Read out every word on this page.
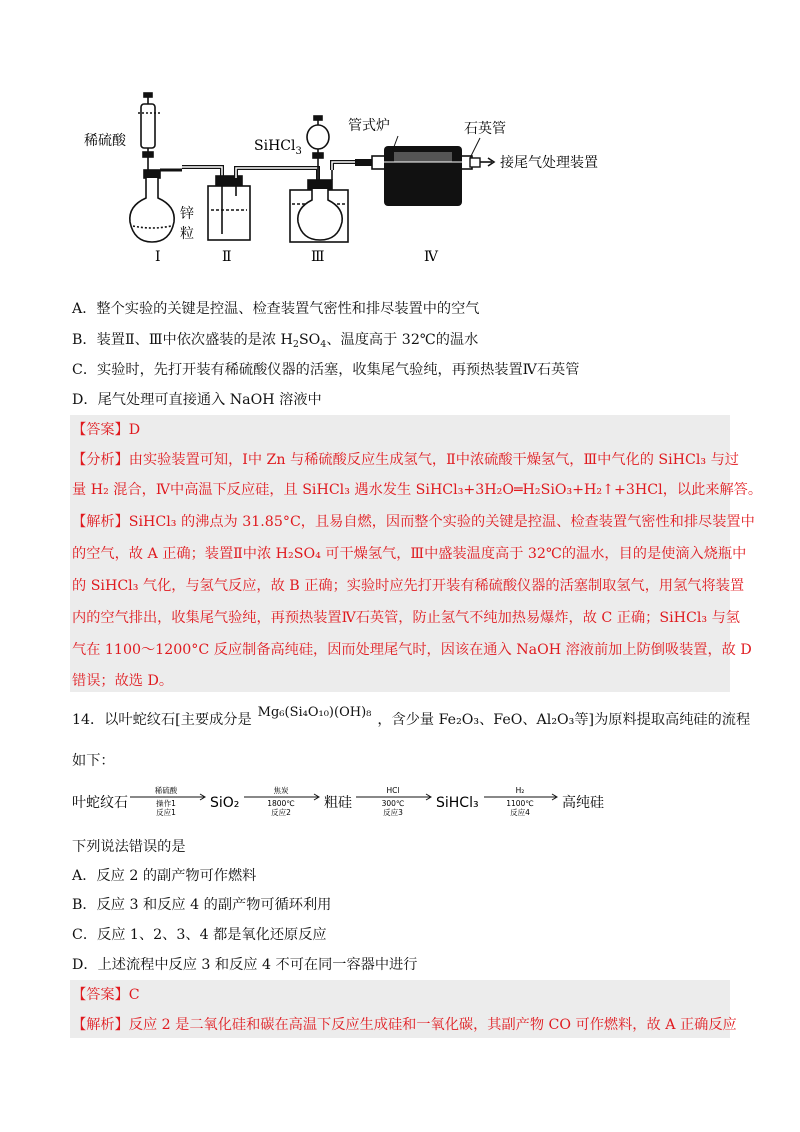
稀硫酸
锌
粒
SiHCl$_3$
管式炉	石英管
接尾气处理装置
Ⅰ	Ⅱ	Ⅲ	Ⅳ
A．整个实验的关键是控温、检查装置气密性和排尽装置中的空气
B．装置Ⅱ、Ⅲ中依次盛装的是浓 $H_2SO_4$、温度高于 32℃的温水
C．实验时，先打开装有稀硫酸仪器的活塞，收集尾气验纯，再预热装置Ⅳ石英管
D．尾气处理可直接通入 NaOH 溶液中
【答案】D
【分析】由实验装置可知，Ⅰ中 Zn 与稀硫酸反应生成氢气，Ⅱ中浓硫酸干燥氢气，Ⅲ中气化的 SiHCl₃ 与过
量 H₂ 混合，Ⅳ中高温下反应硅，且 SiHCl₃ 遇水发生 SiHCl₃+3H₂O═H₂SiO₃+H₂↑+3HCl，以此来解答。
【解析】SiHCl₃ 的沸点为 31.85°C，且易自燃，因而整个实验的关键是控温、检查装置气密性和排尽装置中
的空气，故 A 正确；装置Ⅱ中浓 H₂SO₄ 可干燥氢气，Ⅲ中盛装温度高于 32℃的温水，目的是使滴入烧瓶中
的 SiHCl₃ 气化，与氢气反应，故 B 正确；实验时应先打开装有稀硫酸仪器的活塞制取氢气，用氢气将装置
内的空气排出，收集尾气验纯，再预热装置Ⅳ石英管，防止氢气不纯加热易爆炸，故 C 正确；SiHCl₃ 与氢
气在 1100～1200°C 反应制备高纯硅，因而处理尾气时，因该在通入 NaOH 溶液前加上防倒吸装置，故 D
错误；故选 D。
14．以叶蛇纹石[主要成分是 Mg₆(Si₄O₁₀)(OH)₈ ，含少量 Fe₂O₃、FeO、Al₂O₃等]为原料提取高纯硅的流程
如下：
叶蛇纹石
稀硫酸
操作1
反应1
SiO₂
焦炭
1800℃
反应2
粗硅
HCl
300℃
反应3
SiHCl₃
H₂
1100℃
反应4
高纯硅
下列说法错误的是
A．反应 2 的副产物可作燃料
B．反应 3 和反应 4 的副产物可循环利用
C．反应 1、2、3、4 都是氧化还原反应
D．上述流程中反应 3 和反应 4 不可在同一容器中进行
【答案】C
【解析】反应 2 是二氧化硅和碳在高温下反应生成硅和一氧化碳，其副产物 CO 可作燃料，故 A 正确反应
